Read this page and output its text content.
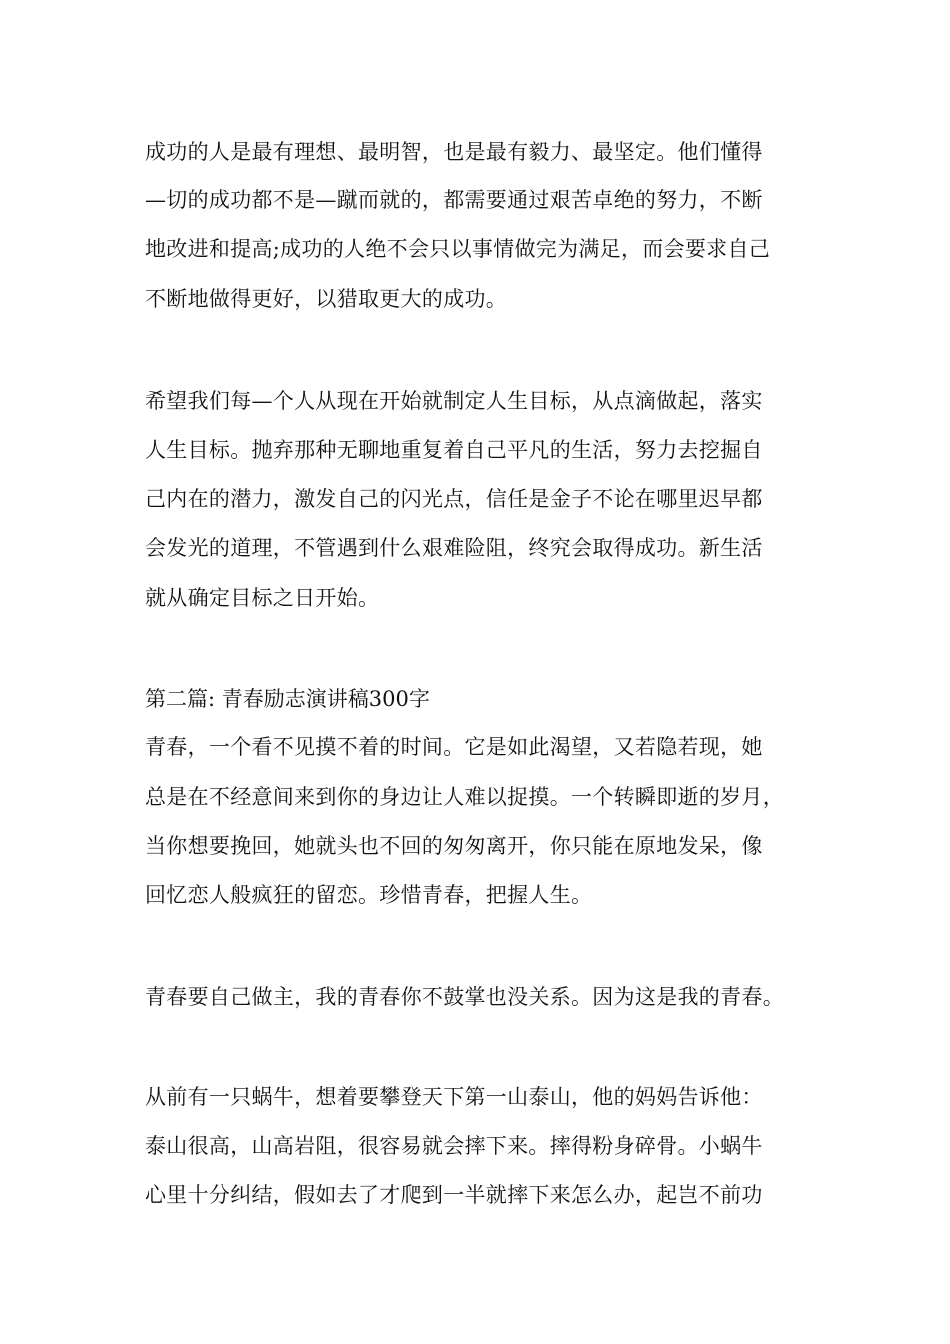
成功的人是最有理想、最明智，也是最有毅力、最坚定。他们懂得
—切的成功都不是—蹴而就的，都需要通过艰苦卓绝的努力，不断
地改进和提高;成功的人绝不会只以事情做完为满足，而会要求自己
不断地做得更好，以猎取更大的成功。
希望我们每—个人从现在开始就制定人生目标，从点滴做起，落实
人生目标。抛弃那种无聊地重复着自己平凡的生活，努力去挖掘自
己内在的潜力，激发自己的闪光点，信任是金子不论在哪里迟早都
会发光的道理，不管遇到什么艰难险阻，终究会取得成功。新生活
就从确定目标之日开始。
第二篇: 青春励志演讲稿300字
青春，一个看不见摸不着的时间。它是如此渴望，又若隐若现，她
总是在不经意间来到你的身边让人难以捉摸。一个转瞬即逝的岁月，
当你想要挽回，她就头也不回的匆匆离开，你只能在原地发呆，像
回忆恋人般疯狂的留恋。珍惜青春，把握人生。
青春要自己做主，我的青春你不鼓掌也没关系。因为这是我的青春。
从前有一只蜗牛，想着要攀登天下第一山泰山，他的妈妈告诉他：
泰山很高，山高岩阻，很容易就会摔下来。摔得粉身碎骨。小蜗牛
心里十分纠结，假如去了才爬到一半就摔下来怎么办，起岂不前功
